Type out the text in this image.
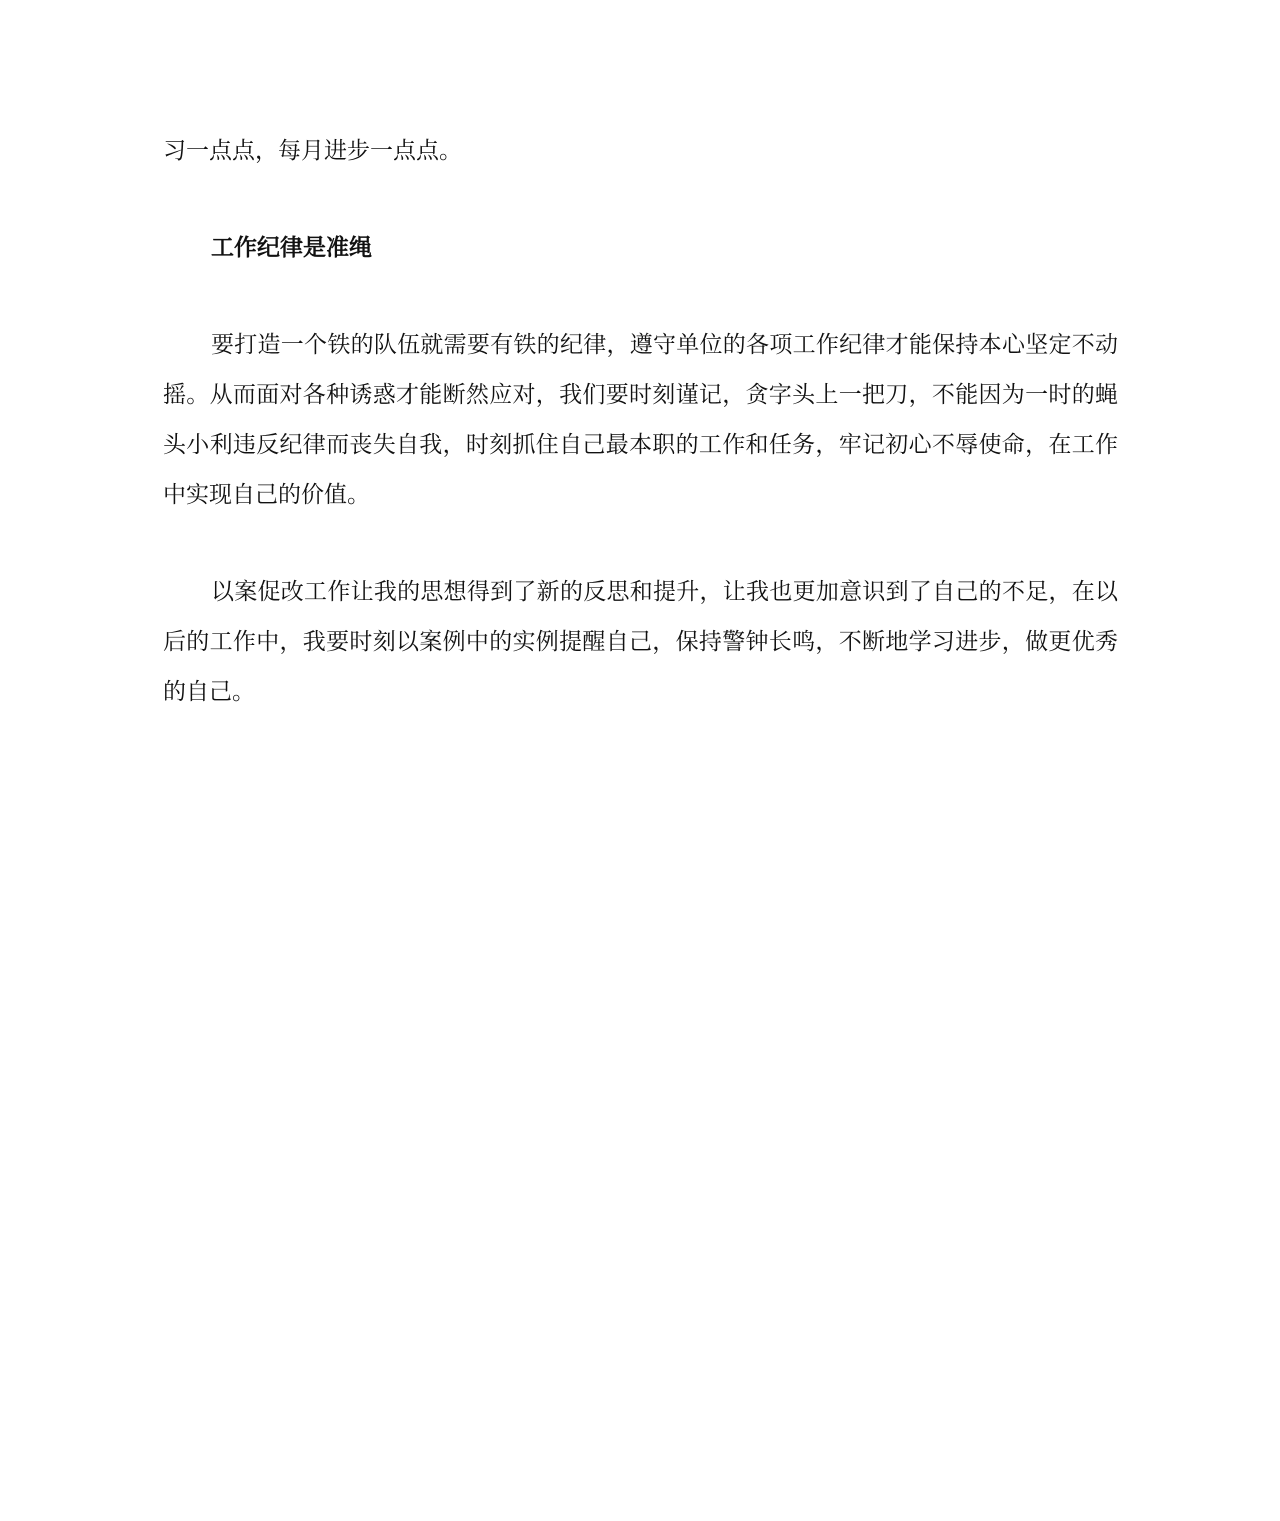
习一点点，每月进步一点点。

工作纪律是准绳

要打造一个铁的队伍就需要有铁的纪律，遵守单位的各项工作纪律才能保持本心坚定不动摇。从而面对各种诱惑才能断然应对，我们要时刻谨记，贪字头上一把刀，不能因为一时的蝇头小利违反纪律而丧失自我，时刻抓住自己最本职的工作和任务，牢记初心不辱使命，在工作中实现自己的价值。

以案促改工作让我的思想得到了新的反思和提升，让我也更加意识到了自己的不足，在以后的工作中，我要时刻以案例中的实例提醒自己，保持警钟长鸣，不断地学习进步，做更优秀的自己。
